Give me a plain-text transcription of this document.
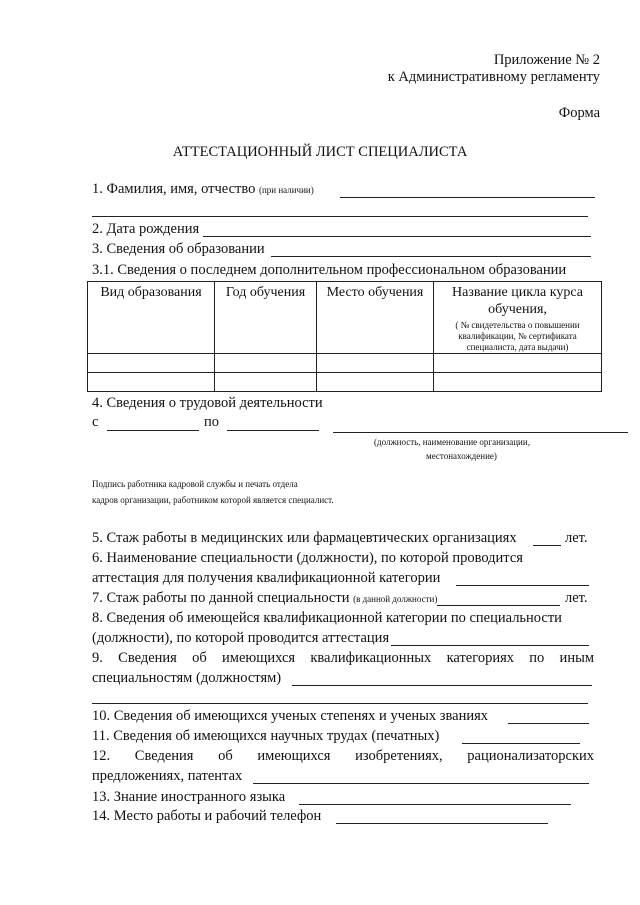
Приложение № 2
к Административному регламенту
Форма
АТТЕСТАЦИОННЫЙ ЛИСТ СПЕЦИАЛИСТА
1. Фамилия, имя, отчество (при наличии)
2. Дата рождения
3. Сведения об образовании
3.1. Сведения о последнем дополнительном профессиональном образовании
Вид образования	Год обучения	Место обучения	Название цикла курса обучения,
( № свидетельства о повышении квалификации, № сертификата специалиста, дата выдачи)

4. Сведения о трудовой деятельности
с	по
(должность, наименование организации,
местонахождение)
Подпись работника кадровой службы и печать отдела
кадров организации, работником которой является специалист.
5. Стаж работы в медицинских или фармацевтических организациях	лет.
6. Наименование специальности (должности), по которой проводится
аттестация для получения квалификационной категории
7. Стаж работы по данной специальности (в данной должности)	лет.
8. Сведения об имеющейся квалификационной категории по специальности
(должности), по которой проводится аттестация
9. Сведения об имеющихся квалификационных категориях по иным
специальностям (должностям)
10. Сведения об имеющихся ученых степенях и ученых званиях
11. Сведения об имеющихся научных трудах (печатных)
12. Сведения об имеющихся изобретениях, рационализаторских
предложениях, патентах
13. Знание иностранного языка
14. Место работы и рабочий телефон
